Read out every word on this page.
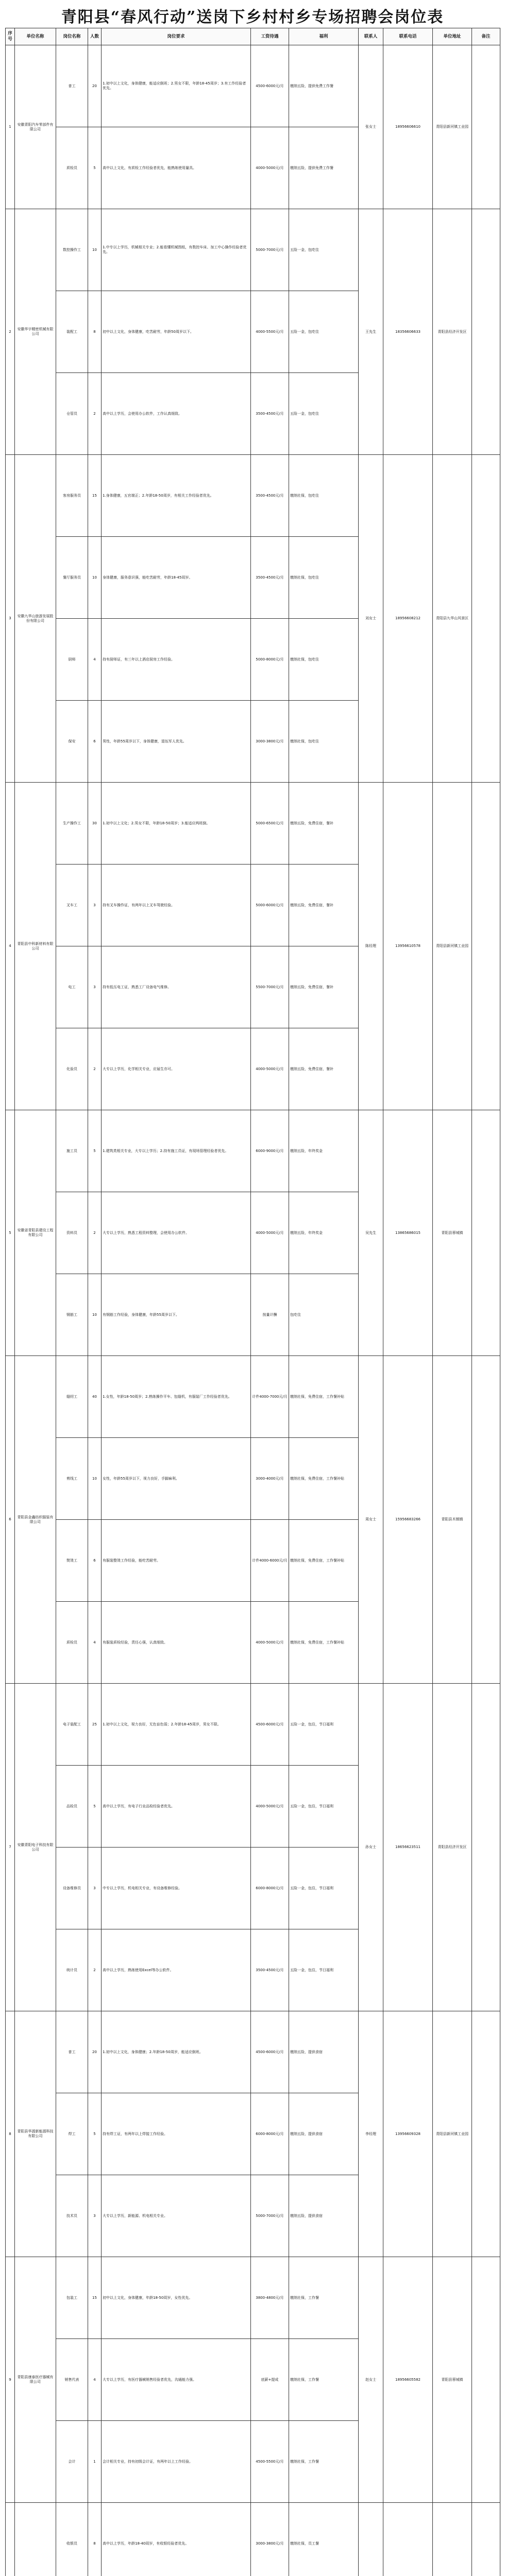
青阳县“春风行动”送岗下乡村村乡专场招聘会岗位表
序号	单位名称	岗位名称	人数	岗位要求	工资待遇	福利	联系人	联系电话	单位地址	备注
1	安徽青阳汽车零部件有限公司	普工	20	1.初中以上文化，身体健康，能适应倒班；2.男女不限，年龄18-45周岁；3.有工作经验者优先。	4500-6000元/月	缴纳五险，提供免费工作餐	张女士	18956606610	青阳县新河镇工业园	
		质检员	5	高中以上文化，有质检工作经验者优先，能熟练使用量具。	4000-5000元/月	缴纳五险，提供免费工作餐				
2	安徽华宇精密机械有限公司	数控操作工	10	1.中专以上学历，机械相关专业；2.能看懂机械图纸，有数控车床、加工中心操作经验者优先。	5000-7000元/月	五险一金，包吃住	王先生	18356606633	青阳县经济开发区	
		装配工	8	初中以上文化，身体健康，吃苦耐劳，年龄50周岁以下。	4000-5500元/月	五险一金，包吃住				
		仓管员	2	高中以上学历，会使用办公软件，工作认真细致。	3500-4500元/月	五险一金，包吃住				
3	安徽九华山旅游发展股份有限公司	客房服务员	15	1.身体健康，五官端正；2.年龄18-50周岁，有相关工作经验者优先。	3500-4500元/月	缴纳社保，包吃住	刘女士	18956608212	青阳县九华山风景区	
		餐厅服务员	10	身体健康，服务意识强，能吃苦耐劳，年龄18-45周岁。	3500-4500元/月	缴纳社保，包吃住				
		厨师	4	持有厨师证，有三年以上酒店厨房工作经验。	5000-8000元/月	缴纳社保，包吃住				
		保安	6	男性，年龄55周岁以下，身体健康，退伍军人优先。	3000-3800元/月	缴纳社保，包吃住				
4	青阳县中科新材料有限公司	生产操作工	30	1.初中以上文化；2.男女不限，年龄18-50周岁；3.能适应两班倒。	5000-6500元/月	缴纳五险，免费住宿，餐补	陈经理	13956610578	青阳县新河镇工业园	
		叉车工	3	持有叉车操作证，有两年以上叉车驾驶经验。	5000-6000元/月	缴纳五险，免费住宿，餐补				
		电工	3	持有低压电工证，熟悉工厂设备电气维修。	5500-7000元/月	缴纳五险，免费住宿，餐补				
		化验员	2	大专以上学历，化学相关专业，应届生亦可。	4000-5000元/月	缴纳五险，免费住宿，餐补				
5	安徽省青阳县建设工程有限公司	施工员	5	1.建筑类相关专业，大专以上学历；2.持有施工员证，有现场管理经验者优先。	6000-9000元/月	缴纳五险，年终奖金	吴先生	13865686015	青阳县蓉城镇	
		资料员	2	大专以上学历，熟悉工程资料整理，会使用办公软件。	4000-5000元/月	缴纳五险，年终奖金				
		钢筋工	10	有钢筋工作经验，身体健康，年龄55周岁以下。	按量计酬	包吃住				
6	青阳县金鑫纺织服装有限公司	缝纫工	40	1.女性，年龄18-50周岁；2.熟练操作平车、包缝机，有服装厂工作经验者优先。	计件4000-7000元/月	缴纳社保，免费住宿，工作餐补贴	周女士	15956683266	青阳县木镇镇	
		剪线工	10	女性，年龄55周岁以下，视力良好，手脚麻利。	3000-4000元/月	缴纳社保，免费住宿，工作餐补贴				
		熨烫工	6	有服装整烫工作经验，能吃苦耐劳。	计件4000-6000元/月	缴纳社保，免费住宿，工作餐补贴				
		质检员	4	有服装质检经验，责任心强，认真细致。	4000-5000元/月	缴纳社保，免费住宿，工作餐补贴				
7	安徽青阳电子科技有限公司	电子装配工	25	1.初中以上文化，视力良好，无色盲色弱；2.年龄18-45周岁，男女不限。	4500-6000元/月	五险一金，包住，节日福利	孙女士	18656623511	青阳县经济开发区	
		品检员	5	高中以上学历，有电子行业品检经验者优先。	4000-5000元/月	五险一金，包住，节日福利				
		设备维修员	3	中专以上学历，机电相关专业，有设备维修经验。	6000-8000元/月	五险一金，包住，节日福利				
		统计员	2	高中以上学历，熟练使用Excel等办公软件。	3500-4500元/月	五险一金，包住，节日福利				
8	青阳县华源新能源科技有限公司	普工	20	1.初中以上文化，身体健康；2.年龄18-50周岁，能适应倒班。	4500-6000元/月	缴纳五险，提供食宿	李经理	13956609328	青阳县新河镇工业园	
		焊工	5	持有焊工证，有两年以上焊接工作经验。	6000-8000元/月	缴纳五险，提供食宿				
		技术员	3	大专以上学历，新能源、机电相关专业。	5000-7000元/月	缴纳五险，提供食宿				
9	青阳县康泰医疗器械有限公司	包装工	15	初中以上文化，身体健康，年龄18-50周岁，女性优先。	3800-4800元/月	缴纳社保，工作餐	赵女士	18956605582	青阳县蓉城镇	
		销售代表	4	大专以上学历，有医疗器械销售经验者优先，沟通能力强。	底薪+提成	缴纳社保，工作餐				
		会计	1	会计相关专业，持有初级会计证，有两年以上工作经验。	4500-5500元/月	缴纳社保，工作餐				
		收银员	8	高中以上学历，年龄18-40周岁，有收银经验者优先。	3000-3800元/月	缴纳社保，员工餐				
